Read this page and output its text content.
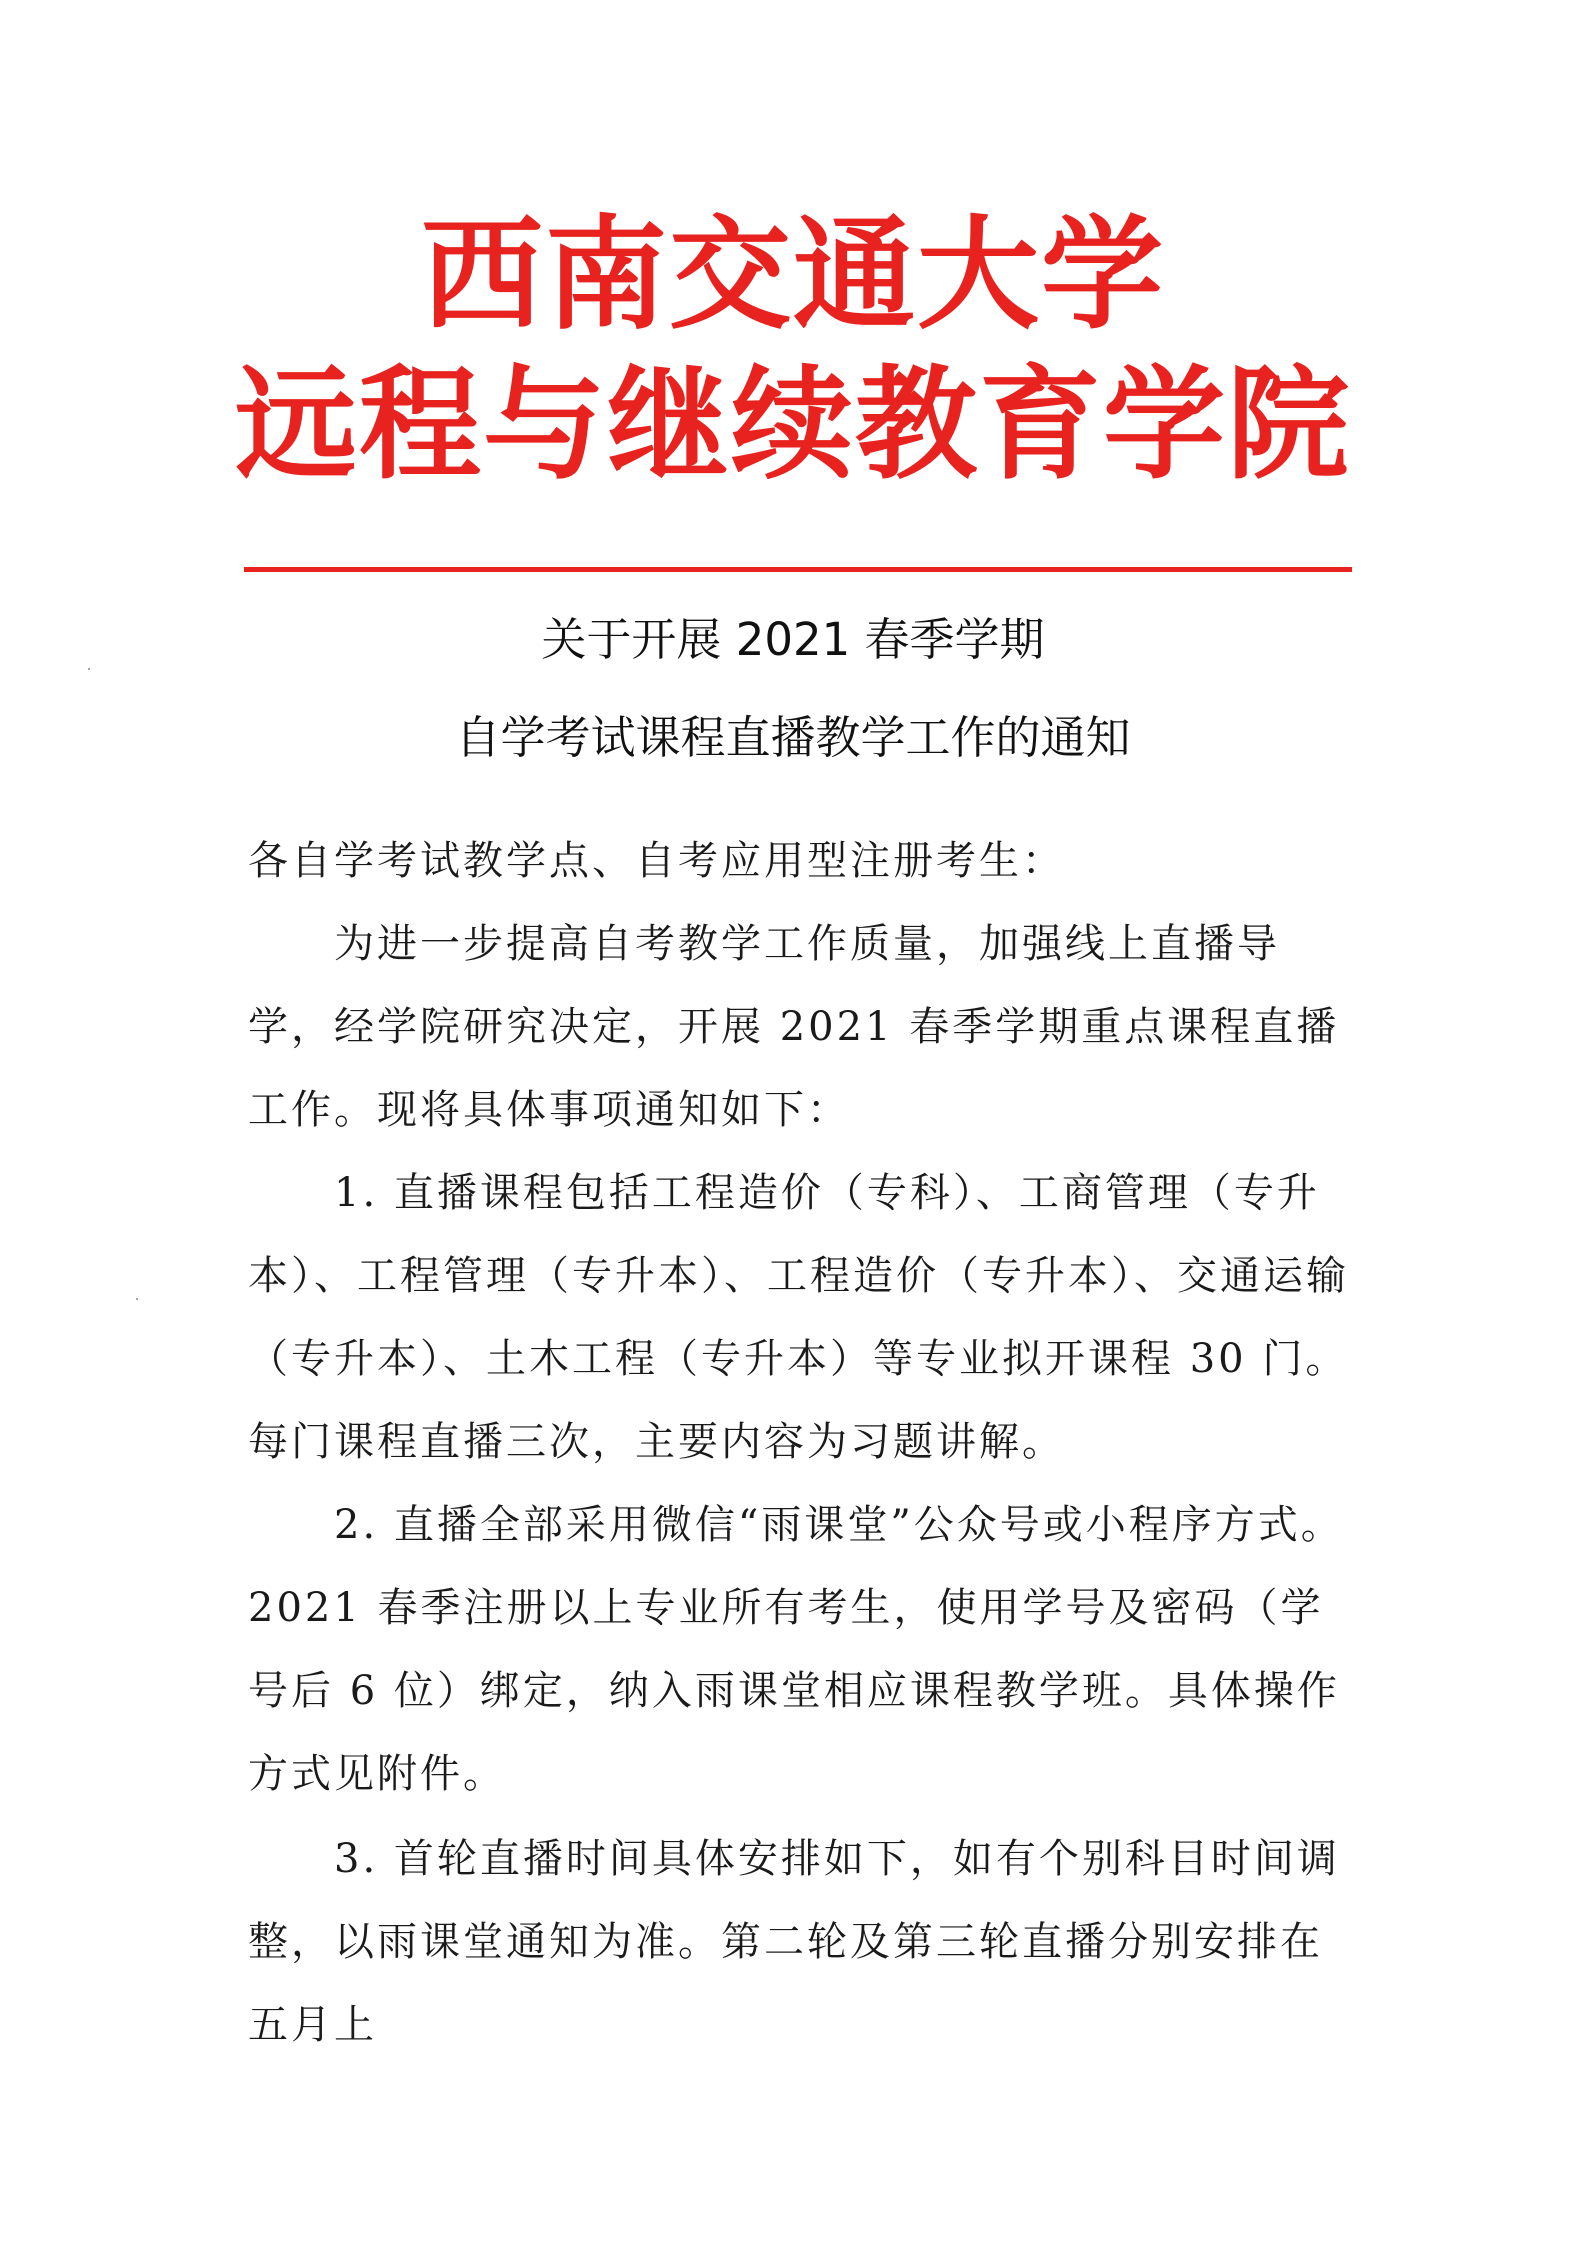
西南交通大学
远程与继续教育学院
关于开展 2021 春季学期
自学考试课程直播教学工作的通知

各自学考试教学点、自考应用型注册考生：

为进一步提高自考教学工作质量，加强线上直播导学，经学院研究决定，开展 2021 春季学期重点课程直播工作。现将具体事项通知如下：

1. 直播课程包括工程造价（专科）、工商管理（专升本）、工程管理（专升本）、工程造价（专升本）、交通运输（专升本）、土木工程（专升本）等专业拟开课程 30 门。每门课程直播三次，主要内容为习题讲解。

2. 直播全部采用微信“雨课堂”公众号或小程序方式。2021 春季注册以上专业所有考生，使用学号及密码（学号后 6 位）绑定，纳入雨课堂相应课程教学班。具体操作方式见附件。

3. 首轮直播时间具体安排如下，如有个别科目时间调整，以雨课堂通知为准。第二轮及第三轮直播分别安排在五月上
